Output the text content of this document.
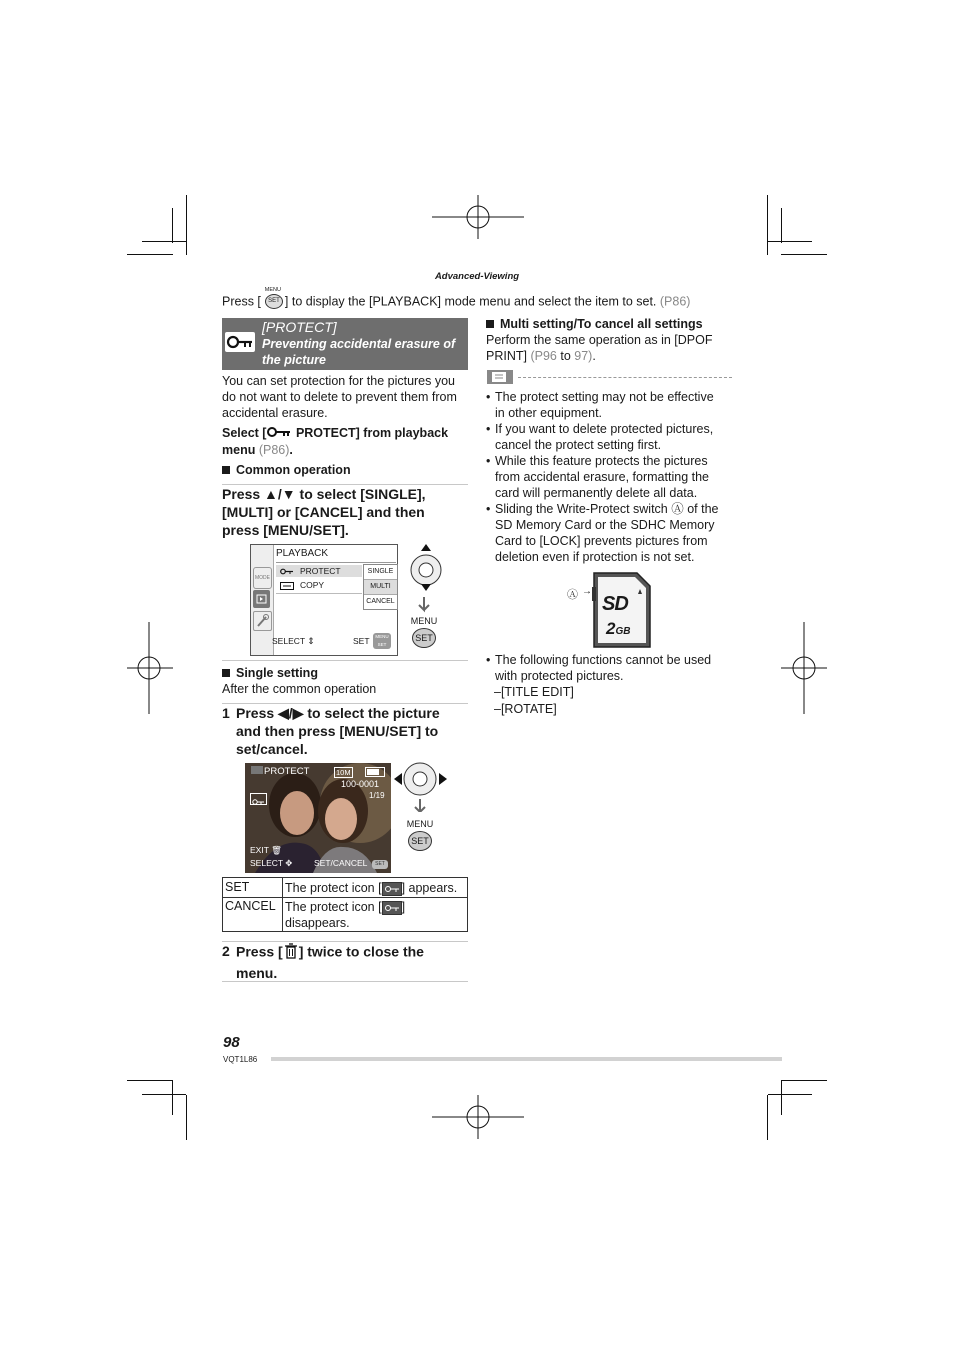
Advanced-Viewing
Press [
MENU
SET ] to display the [PLAYBACK] mode menu and select the item to set. (P86)
[PROTECT]
Preventing accidental erasure of
the picture
You can set protection for the pictures you
do not want to delete to prevent them from
accidental erasure.
Select [ PROTECT] from playback
menu (P86).
Common operation
Press ▲/▼ to select [SINGLE],
[MULTI] or [CANCEL] and then
press [MENU/SET].
MODE
PLAYBACK
PROTECT
COPY
SINGLE
MULTI
CANCEL
SELECT ⇕	SET	MENU
SET
MENU
SET
Single setting
After the common operation
1 Press ◀/▶ to select the picture
and then press [MENU/SET] to
set/cancel.
PROTECT	10M
100-0001
1/19
EXIT 🗑
SELECT ✥	SET/CANCEL	SET
MENU
SET
SET	The protect icon [ ] appears.
CANCEL The protect icon [ ]
disappears.
2 Press [ ] twice to close the
menu.
Multi setting/To cancel all settings
Perform the same operation as in [DPOF
PRINT] (P96 to 97).
• The protect setting may not be effective
in other equipment.
• If you want to delete protected pictures,
cancel the protect setting first.
• While this feature protects the pictures
from accidental erasure, formatting the
card will permanently delete all data.
• Sliding the Write-Protect switch Ⓐ of the
SD Memory Card or the SDHC Memory
Card to [LOCK] prevents pictures from
deletion even if protection is not set.
Ⓐ →
SD
2GB
• The following functions cannot be used
with protected pictures.
–[TITLE EDIT]
–[ROTATE]
98
VQT1L86
